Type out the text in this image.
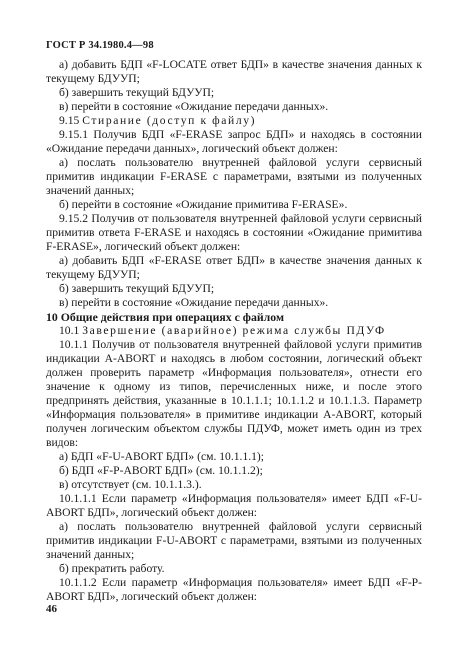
ГОСТ Р 34.1980.4—98

а) добавить БДП «F-LOCATE ответ БДП» в качестве значения данных к текущему БДУУП;

б) завершить текущий БДУУП;

в) перейти в состояние «Ожидание передачи данных».

9.15 Стирание (доступ к файлу)

9.15.1 Получив БДП «F-ERASE запрос БДП» и находясь в состоянии «Ожидание передачи данных», логический объект должен:

а) послать пользователю внутренней файловой услуги сервисный примитив индикации F-ERASE с параметрами, взятыми из полученных значений данных;

б) перейти в состояние «Ожидание примитива F-ERASE».

9.15.2 Получив от пользователя внутренней файловой услуги сервисный примитив ответа F-ERASE и находясь в состоянии «Ожидание примитива F-ERASE», логический объект должен:

а) добавить БДП «F-ERASE ответ БДП» в качестве значения данных к текущему БДУУП;

б) завершить текущий БДУУП;

в) перейти в состояние «Ожидание передачи данных».

10 Общие действия при операциях с файлом

10.1 Завершение (аварийное) режима службы ПДУФ

10.1.1 Получив от пользователя внутренней файловой услуги примитив индикации A-ABORT и находясь в любом состоянии, логический объект должен проверить параметр «Информация пользователя», отнести его значение к одному из типов, перечисленных ниже, и после этого предпринять действия, указанные в 10.1.1.1; 10.1.1.2 и 10.1.1.3. Параметр «Информация пользователя» в примитиве индикации A-ABORT, который получен логическим объектом службы ПДУФ, может иметь один из трех видов:

а) БДП «F-U-ABORT БДП» (см. 10.1.1.1);

б) БДП «F-P-ABORT БДП» (см. 10.1.1.2);

в) отсутствует (см. 10.1.1.3.).

10.1.1.1 Если параметр «Информация пользователя» имеет БДП «F-U-ABORT БДП», логический объект должен:

а) послать пользователю внутренней файловой услуги сервисный примитив индикации F-U-ABORT с параметрами, взятыми из полученных значений данных;

б) прекратить работу.

10.1.1.2 Если параметр «Информация пользователя» имеет БДП «F-P-ABORT БДП», логический объект должен:

46
